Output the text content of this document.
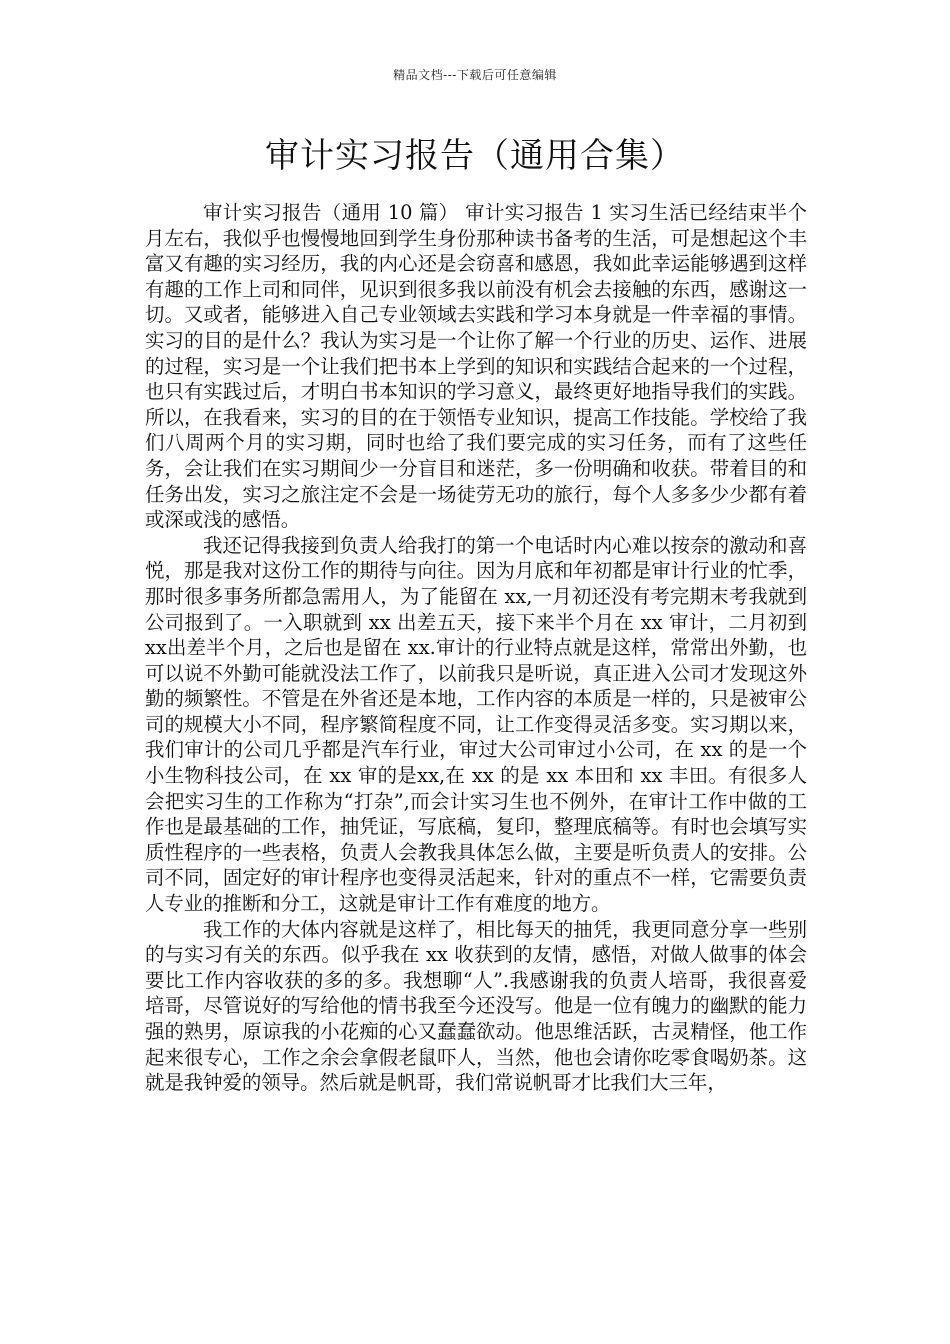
精品文档---下载后可任意编辑
审计实习报告（通用合集）

审计实习报告（通用 10 篇） 审计实习报告 1 实习生活已经结束半个月左右，我似乎也慢慢地回到学生身份那种读书备考的生活，可是想起这个丰富又有趣的实习经历，我的内心还是会窃喜和感恩，我如此幸运能够遇到这样有趣的工作上司和同伴，见识到很多我以前没有机会去接触的东西，感谢这一切。又或者，能够进入自己专业领域去实践和学习本身就是一件幸福的事情。实习的目的是什么？我认为实习是一个让你了解一个行业的历史、运作、进展的过程，实习是一个让我们把书本上学到的知识和实践结合起来的一个过程，也只有实践过后，才明白书本知识的学习意义，最终更好地指导我们的实践。所以，在我看来，实习的目的在于领悟专业知识，提高工作技能。学校给了我们八周两个月的实习期，同时也给了我们要完成的实习任务，而有了这些任务，会让我们在实习期间少一分盲目和迷茫，多一份明确和收获。带着目的和任务出发，实习之旅注定不会是一场徒劳无功的旅行，每个人多多少少都有着或深或浅的感悟。

我还记得我接到负责人给我打的第一个电话时内心难以按奈的激动和喜悦，那是我对这份工作的期待与向往。因为月底和年初都是审计行业的忙季，那时很多事务所都急需用人，为了能留在 xx,一月初还没有考完期末考我就到公司报到了。一入职就到 xx 出差五天，接下来半个月在 xx 审计，二月初到 xx出差半个月，之后也是留在 xx.审计的行业特点就是这样，常常出外勤，也可以说不外勤可能就没法工作了，以前我只是听说，真正进入公司才发现这外勤的频繁性。不管是在外省还是本地，工作内容的本质是一样的，只是被审公司的规模大小不同，程序繁简程度不同，让工作变得灵活多变。实习期以来，我们审计的公司几乎都是汽车行业，审过大公司审过小公司，在 xx 的是一个小生物科技公司，在 xx 审的是xx,在 xx 的是 xx 本田和 xx 丰田。有很多人会把实习生的工作称为“打杂”,而会计实习生也不例外，在审计工作中做的工作也是最基础的工作，抽凭证，写底稿，复印，整理底稿等。有时也会填写实质性程序的一些表格，负责人会教我具体怎么做，主要是听负责人的安排。公司不同，固定好的审计程序也变得灵活起来，针对的重点不一样，它需要负责人专业的推断和分工，这就是审计工作有难度的地方。

我工作的大体内容就是这样了，相比每天的抽凭，我更同意分享一些别的与实习有关的东西。似乎我在 xx 收获到的友情，感悟，对做人做事的体会要比工作内容收获的多的多。我想聊“人”.我感谢我的负责人培哥，我很喜爱培哥，尽管说好的写给他的情书我至今还没写。他是一位有魄力的幽默的能力强的熟男，原谅我的小花痴的心又蠢蠢欲动。他思维活跃，古灵精怪，他工作起来很专心，工作之余会拿假老鼠吓人，当然，他也会请你吃零食喝奶茶。这就是我钟爱的领导。然后就是帆哥，我们常说帆哥才比我们大三年，
